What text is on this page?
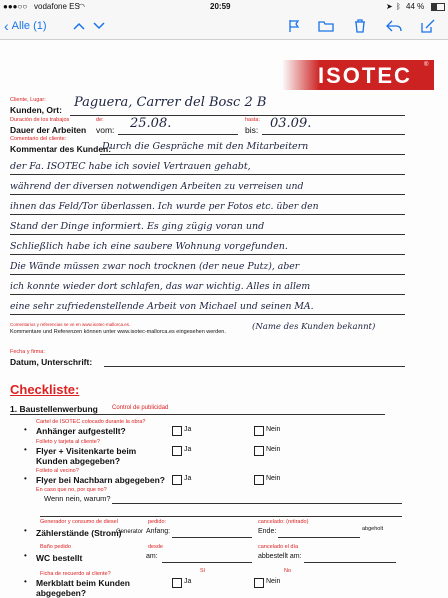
●●●○○ vodafone ES
◠	20:59	➤ ᛒ 44 %
‹ Alle (1)
ISOTEC ®
Cliente, Lugar:
Kunden, Ort: Paguera, Carrer del Bosc 2 B
Duración de los trabajos	de:	hasta:
Dauer der Arbeiten vom: 25.08.	bis: 03.09.
Comentario del cliente:
Kommentar des Kunden:
Durch die Gespräche mit den Mitarbeitern
der Fa. ISOTEC habe ich soviel Vertrauen gehabt,
während der diversen notwendigen Arbeiten zu verreisen und
ihnen das Feld/Tor überlassen. Ich wurde per Fotos etc. über den
Stand der Dinge informiert. Es ging zügig voran und
Schließlich habe ich eine saubere Wohnung vorgefunden.
Die Wände müssen zwar noch trocknen (der neue Putz), aber
ich konnte wieder dort schlafen, das war wichtig. Alles in allem
eine sehr zufriedenstellende Arbeit von Michael und seinen MA.
Comentarios y referencias se ve en www.isotec-mallorca.es.
Kommentare und Referenzen können unter www.isotec-mallorca.es eingesehen werden.	(Name des Kunden bekannt)
Fecha y firma:
Datum, Unterschrift:
Checkliste:
1. Baustellenwerbung Control de publicidad
Cartel de ISOTEC colocado durante la obra?
• Anhänger aufgestellt?	Ja	Nein
Folleto y tarjeta al cliente?
• Flyer + Visitenkarte beim Kunden abgegeben?
Ja	Nein
Folleto al vecino?
• Flyer bei Nachbarn abgegeben?	Ja	Nein
En caso que no, por que no?
Wenn nein, warum?
Generador y consumo de diesel	pedido:	cancelado: (retirado)
• Zählerstände (Strom)
Generator Anfang:	Ende:	abgeholt
Baño pedido	desde	cancelado el día
• WC bestellt	am:	abbestellt am:
Ficha de recuerdo al cliente?	Sí	No
• Merkblatt beim Kunden abgegeben?
Ja	Nein
